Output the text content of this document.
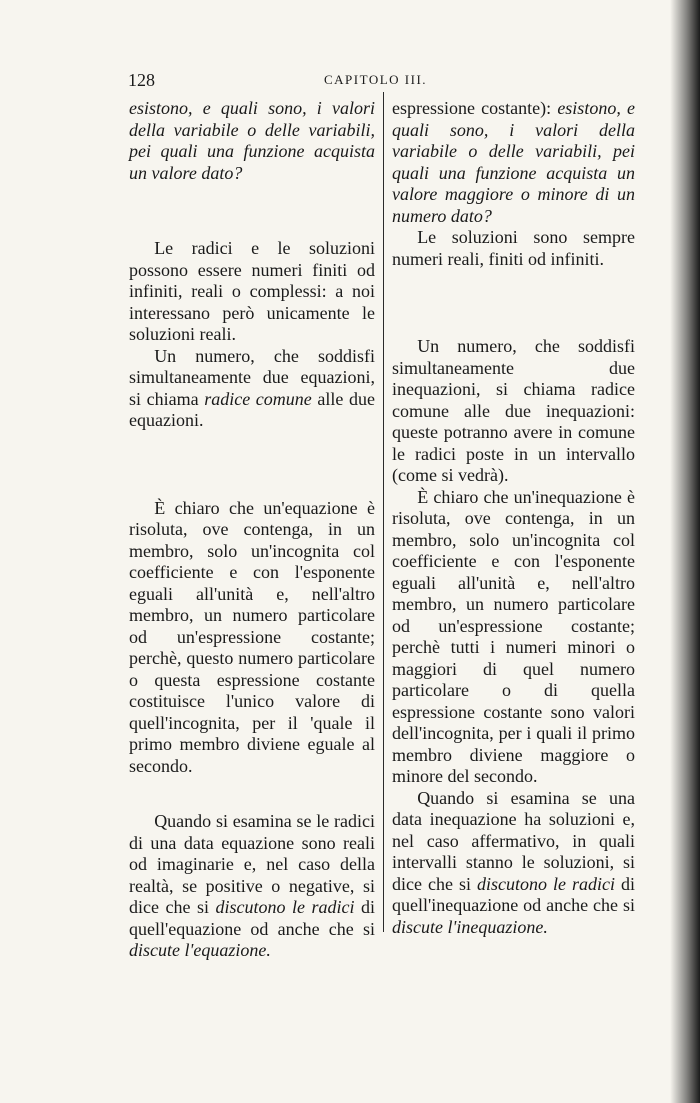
128	CAPITOLO III.

esistono, e quali sono, i valori della variabile o delle variabili, pei quali una funzione acquista un valore dato?

Le radici e le soluzioni possono essere numeri finiti od infiniti, reali o complessi: a noi interessano però unicamente le soluzioni reali.

Un numero, che soddisfi simultaneamente due equazioni, si chiama radice comune alle due equazioni.

È chiaro che un'equazione è risoluta, ove contenga, in un membro, solo un'incognita col coefficiente e con l'esponente eguali all'unità e, nell'altro membro, un numero particolare od un'espressione costante; perchè, questo numero particolare o questa espressione costante costituisce l'unico valore di quell'incognita, per il 'quale il primo membro diviene eguale al secondo.

Quando si esamina se le radici di una data equazione sono reali od imaginarie e, nel caso della realtà, se positive o negative, si dice che si discutono le radici di quell'equazione od anche che si discute l'equazione.

espressione costante): esistono, e quali sono, i valori della variabile o delle variabili, pei quali una funzione acquista un valore maggiore o minore di un numero dato?

Le soluzioni sono sempre numeri reali, finiti od infiniti.

Un numero, che soddisfi simultaneamente due inequazioni, si chiama radice comune alle due inequazioni: queste potranno avere in comune le radici poste in un intervallo (come si vedrà).

È chiaro che un'inequazione è risoluta, ove contenga, in un membro, solo un'incognita col coefficiente e con l'esponente eguali all'unità e, nell'altro membro, un numero particolare od un'espressione costante; perchè tutti i numeri minori o maggiori di quel numero particolare o di quella espressione costante sono valori dell'incognita, per i quali il primo membro diviene maggiore o minore del secondo.

Quando si esamina se una data inequazione ha soluzioni e, nel caso affermativo, in quali intervalli stanno le soluzioni, si dice che si discutono le radici di quell'inequazione od anche che si discute l'inequazione.
